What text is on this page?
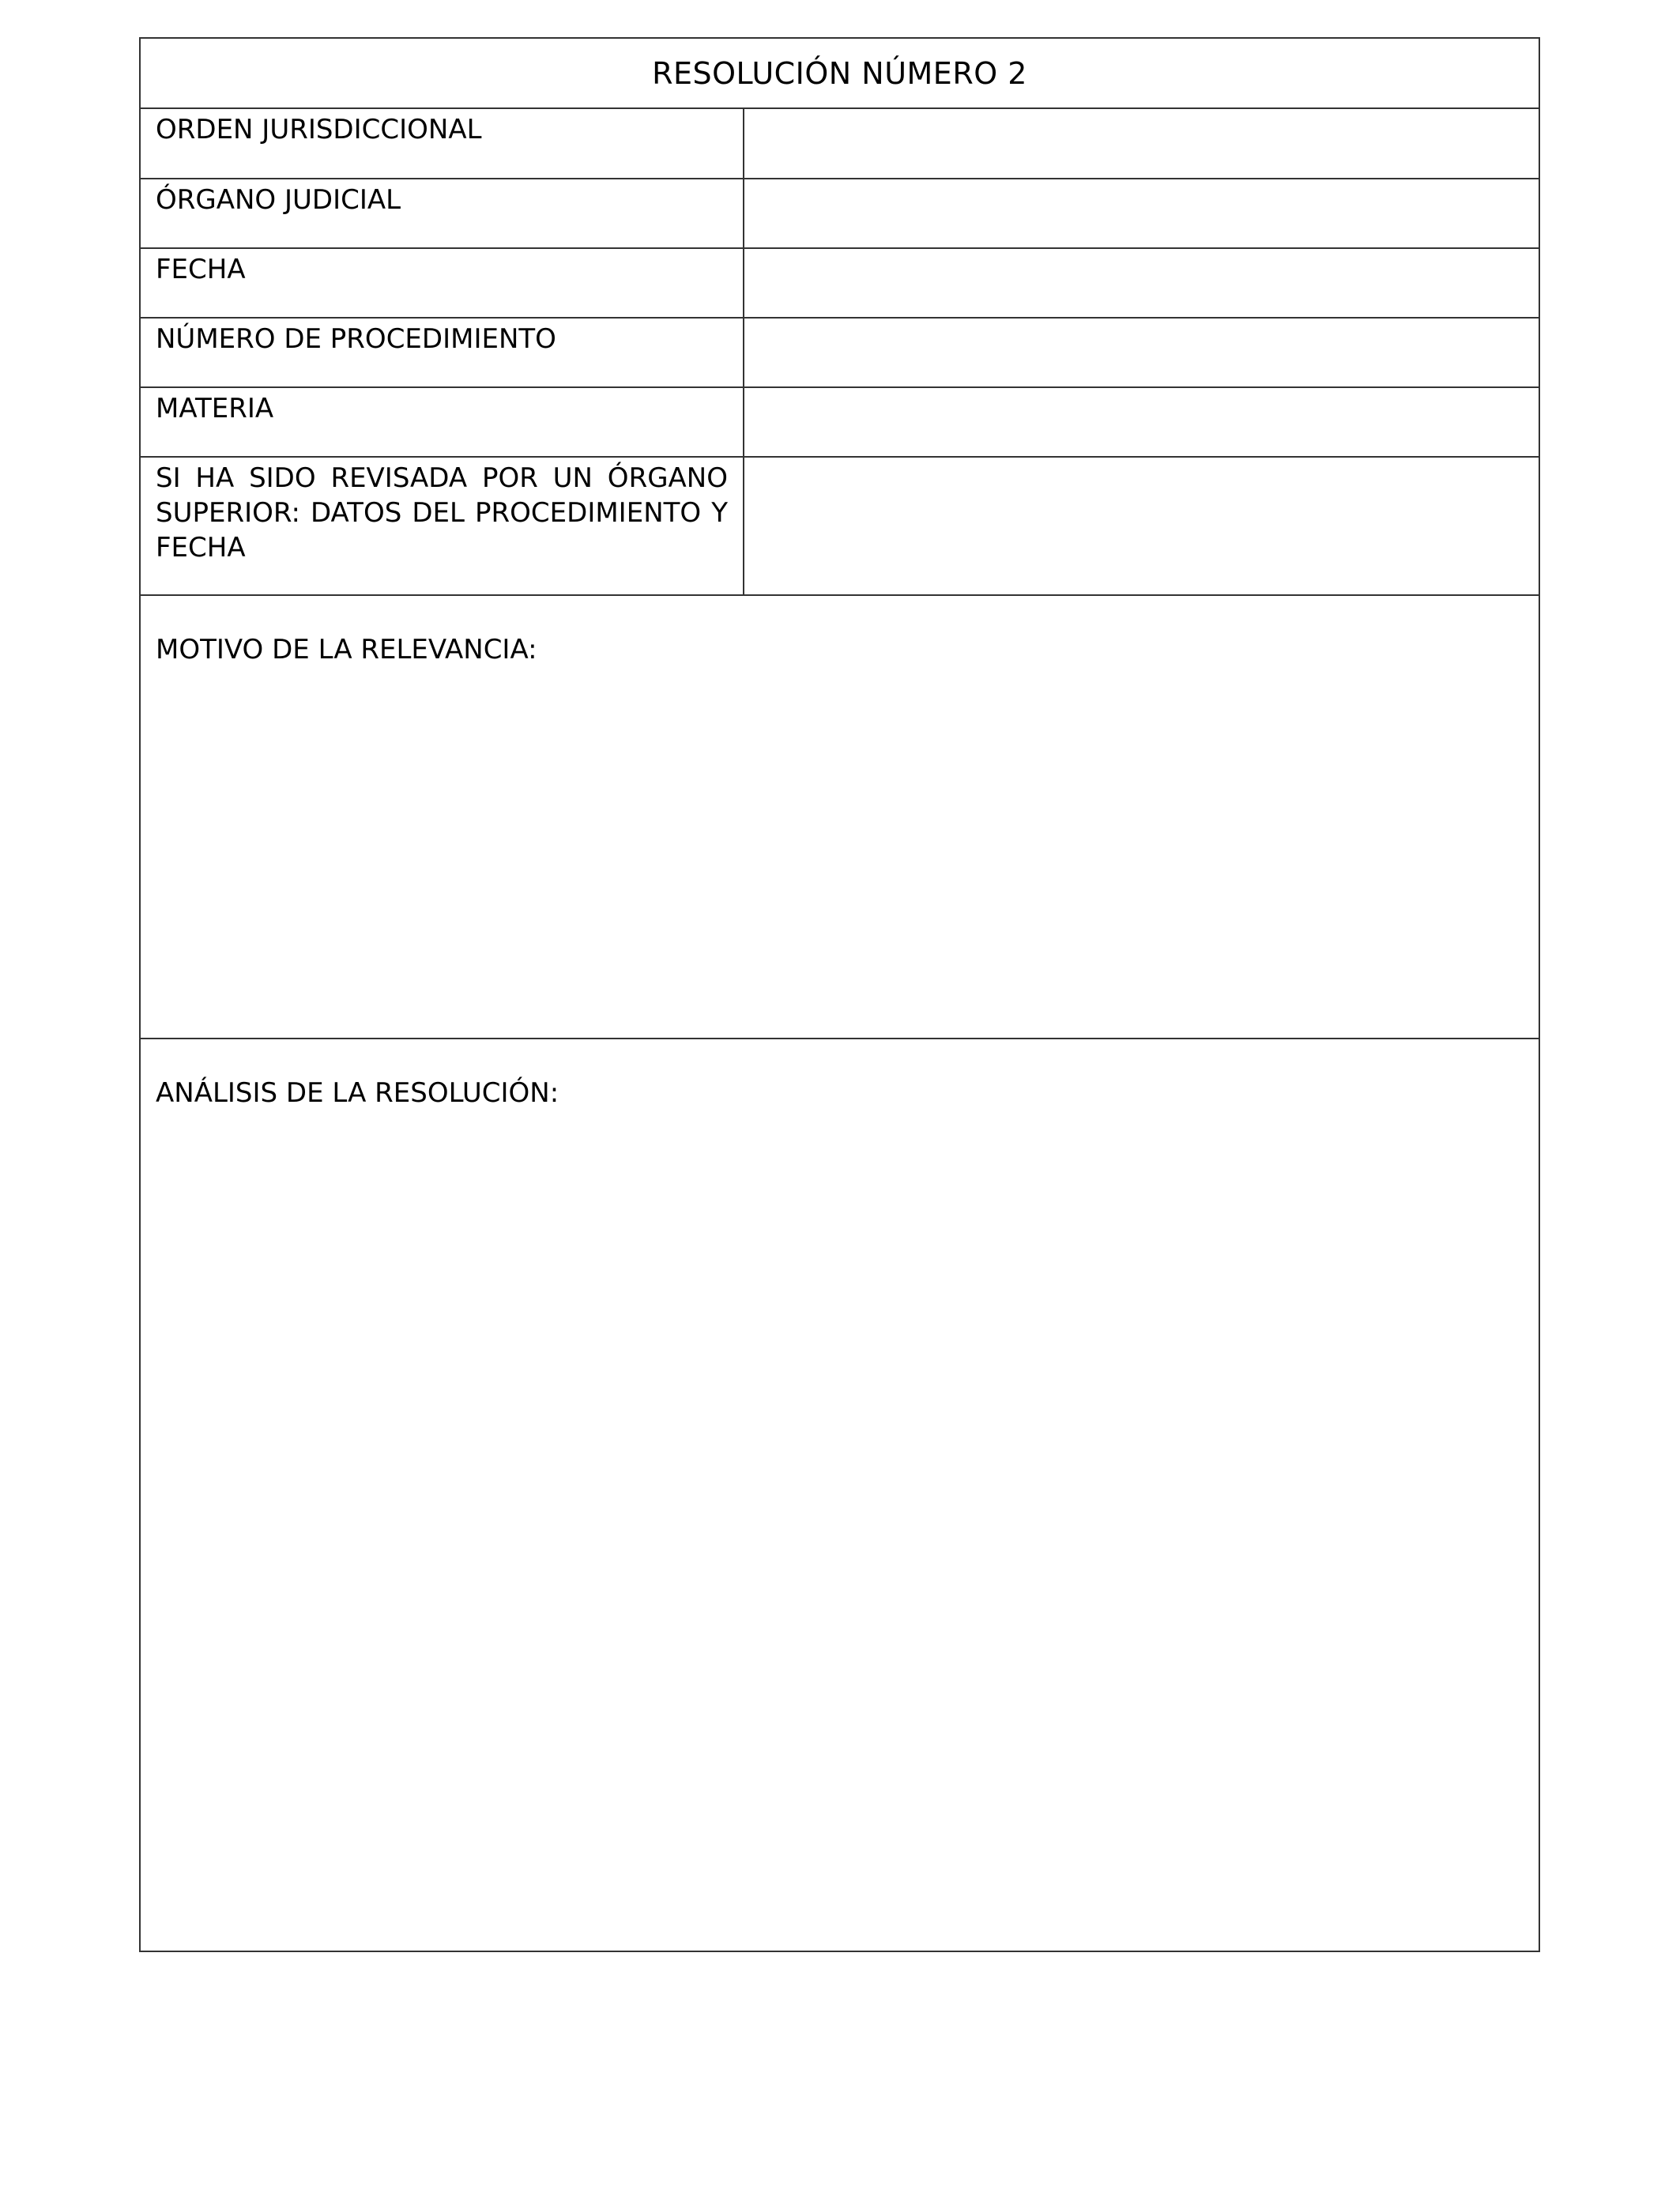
RESOLUCIÓN NÚMERO 2
ORDEN JURISDICCIONAL
ÓRGANO JUDICIAL
FECHA
NÚMERO DE PROCEDIMIENTO
MATERIA
SI HA SIDO REVISADA POR UN ÓRGANO SUPERIOR: DATOS DEL PROCEDIMIENTO Y FECHA
MOTIVO DE LA RELEVANCIA:
ANÁLISIS DE LA RESOLUCIÓN:
